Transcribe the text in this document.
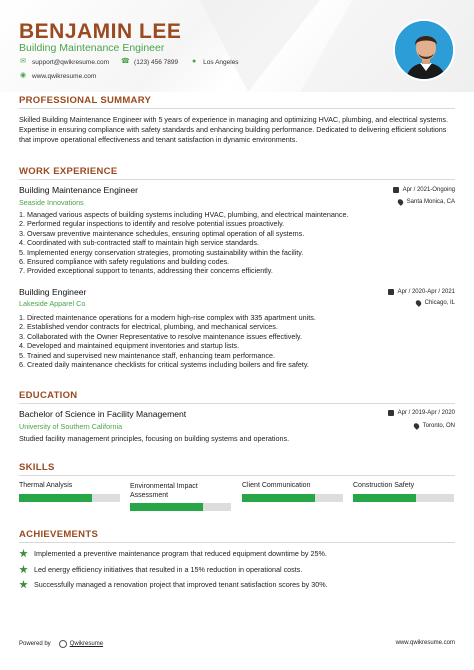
BENJAMIN LEE
Building Maintenance Engineer
✉ support@qwikresume.com ☎ (123) 456 7899 ● Los Angeles
◉ www.qwikresume.com
PROFESSIONAL SUMMARY
Skilled Building Maintenance Engineer with 5 years of experience in managing and optimizing HVAC, plumbing, and electrical systems. Expertise in ensuring compliance with safety standards and enhancing building performance. Dedicated to delivering efficient solutions that improve operational effectiveness and tenant satisfaction in dynamic environments.
WORK EXPERIENCE
Building Maintenance Engineer	Apr / 2021-Ongoing
Seaside Innovations	Santa Monica, CA
1. Managed various aspects of building systems including HVAC, plumbing, and electrical maintenance.
2. Performed regular inspections to identify and resolve potential issues proactively.
3. Oversaw preventive maintenance schedules, ensuring optimal operation of all systems.
4. Coordinated with sub-contracted staff to maintain high service standards.
5. Implemented energy conservation strategies, promoting sustainability within the facility.
6. Ensured compliance with safety regulations and building codes.
7. Provided exceptional support to tenants, addressing their concerns efficiently.
Building Engineer	Apr / 2020-Apr / 2021
Lakeside Apparel Co	Chicago, IL
1. Directed maintenance operations for a modern high-rise complex with 335 apartment units.
2. Established vendor contracts for electrical, plumbing, and mechanical services.
3. Collaborated with the Owner Representative to resolve maintenance issues effectively.
4. Developed and maintained equipment inventories and startup lists.
5. Trained and supervised new maintenance staff, enhancing team performance.
6. Created daily maintenance checklists for critical systems including boilers and fire safety.
EDUCATION
Bachelor of Science in Facility Management	Apr / 2019-Apr / 2020
University of Southern California	Toronto, ON
Studied facility management principles, focusing on building systems and operations.
SKILLS
Thermal Analysis	Environmental Impact Assessment
Client Communication	Construction Safety
ACHIEVEMENTS
Implemented a preventive maintenance program that reduced equipment downtime by 25%.
Led energy efficiency initiatives that resulted in a 15% reduction in operational costs.
Successfully managed a renovation project that improved tenant satisfaction scores by 30%.
Powered by	Qwikresume	www.qwikresume.com
